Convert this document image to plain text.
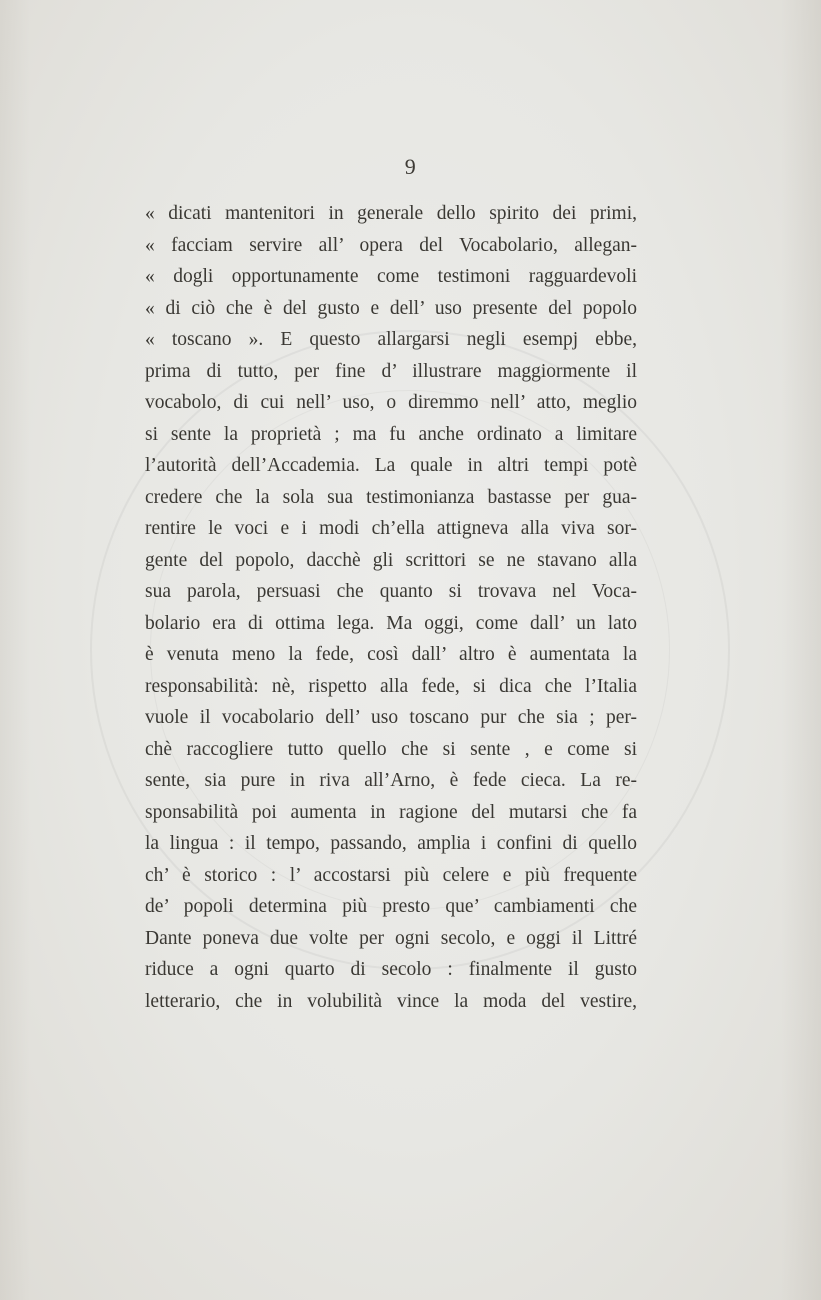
9
« dicati mantenitori in generale dello spirito dei primi,
« facciam servire all’ opera del Vocabolario, allegan-
« dogli opportunamente come testimoni ragguardevoli
« di ciò che è del gusto e dell’ uso presente del popolo
« toscano ». E questo allargarsi negli esempj ebbe,
prima di tutto, per fine d’ illustrare maggiormente il
vocabolo, di cui nell’ uso, o diremmo nell’ atto, meglio
si sente la proprietà ; ma fu anche ordinato a limitare
l’autorità dell’Accademia. La quale in altri tempi potè
credere che la sola sua testimonianza bastasse per gua-
rentire le voci e i modi ch’ella attigneva alla viva sor-
gente del popolo, dacchè gli scrittori se ne stavano alla
sua parola, persuasi che quanto si trovava nel Voca-
bolario era di ottima lega. Ma oggi, come dall’ un lato
è venuta meno la fede, così dall’ altro è aumentata la
responsabilità: nè, rispetto alla fede, si dica che l’Italia
vuole il vocabolario dell’ uso toscano pur che sia ; per-
chè raccogliere tutto quello che si sente , e come si
sente, sia pure in riva all’Arno, è fede cieca. La re-
sponsabilità poi aumenta in ragione del mutarsi che fa
la lingua : il tempo, passando, amplia i confini di quello
ch’ è storico : l’ accostarsi più celere e più frequente
de’ popoli determina più presto que’ cambiamenti che
Dante poneva due volte per ogni secolo, e oggi il Littré
riduce a ogni quarto di secolo : finalmente il gusto
letterario, che in volubilità vince la moda del vestire,
